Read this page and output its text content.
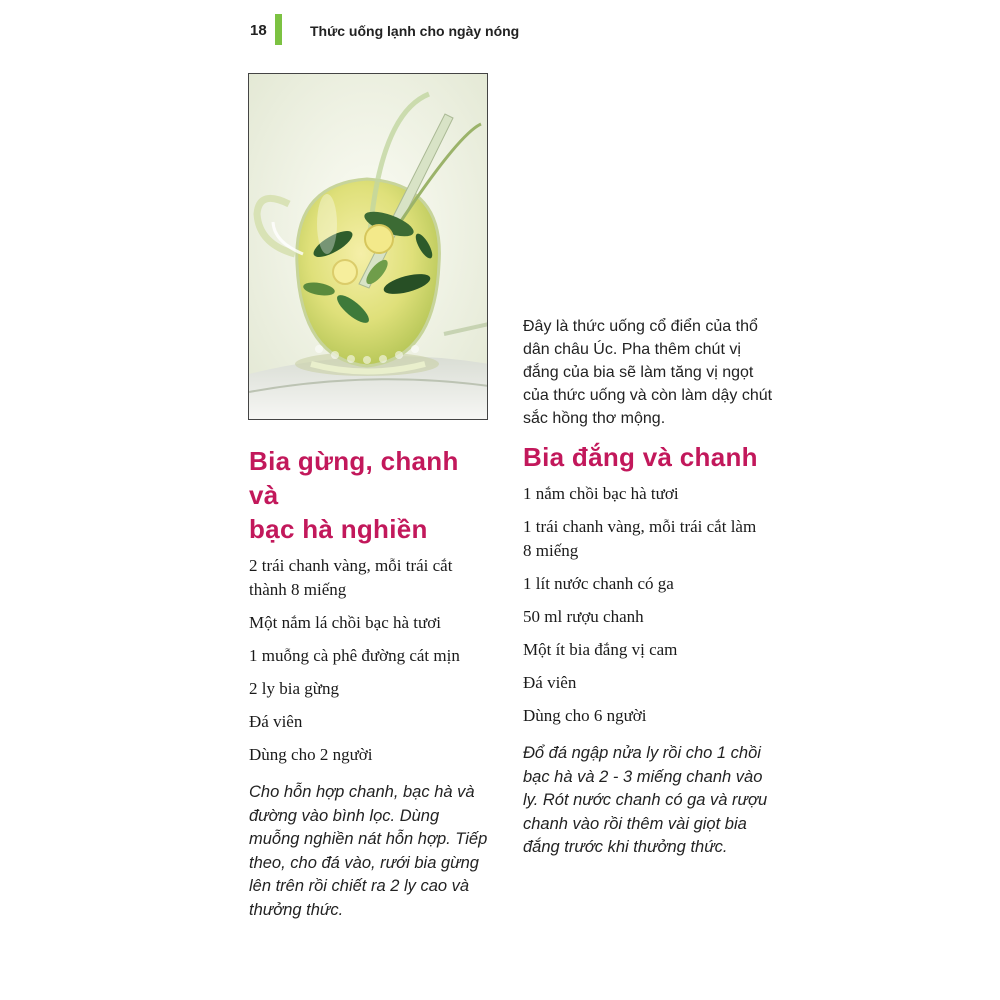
18	Thức uống lạnh cho ngày nóng
Đây là thức uống cổ điển của thổ dân châu Úc. Pha thêm chút vị đắng của bia sẽ làm tăng vị ngọt của thức uống và còn làm dậy chút sắc hồng thơ mộng.
Bia gừng, chanh và
bạc hà nghiền
2 trái chanh vàng, mỗi trái cắt thành 8 miếng
Một nắm lá chồi bạc hà tươi
1 muỗng cà phê đường cát mịn
2 ly bia gừng
Đá viên
Dùng cho 2 người

Cho hỗn hợp chanh, bạc hà và đường vào bình lọc. Dùng muỗng nghiền nát hỗn hợp. Tiếp theo, cho đá vào, rưới bia gừng lên trên rồi chiết ra 2 ly cao và thưởng thức.

Bia đắng và chanh
1 nắm chồi bạc hà tươi
1 trái chanh vàng, mỗi trái cắt làm 8 miếng
1 lít nước chanh có ga
50 ml rượu chanh
Một ít bia đắng vị cam
Đá viên
Dùng cho 6 người

Đổ đá ngập nửa ly rồi cho 1 chồi bạc hà và 2 - 3 miếng chanh vào ly. Rót nước chanh có ga và rượu chanh vào rồi thêm vài giọt bia đắng trước khi thưởng thức.
